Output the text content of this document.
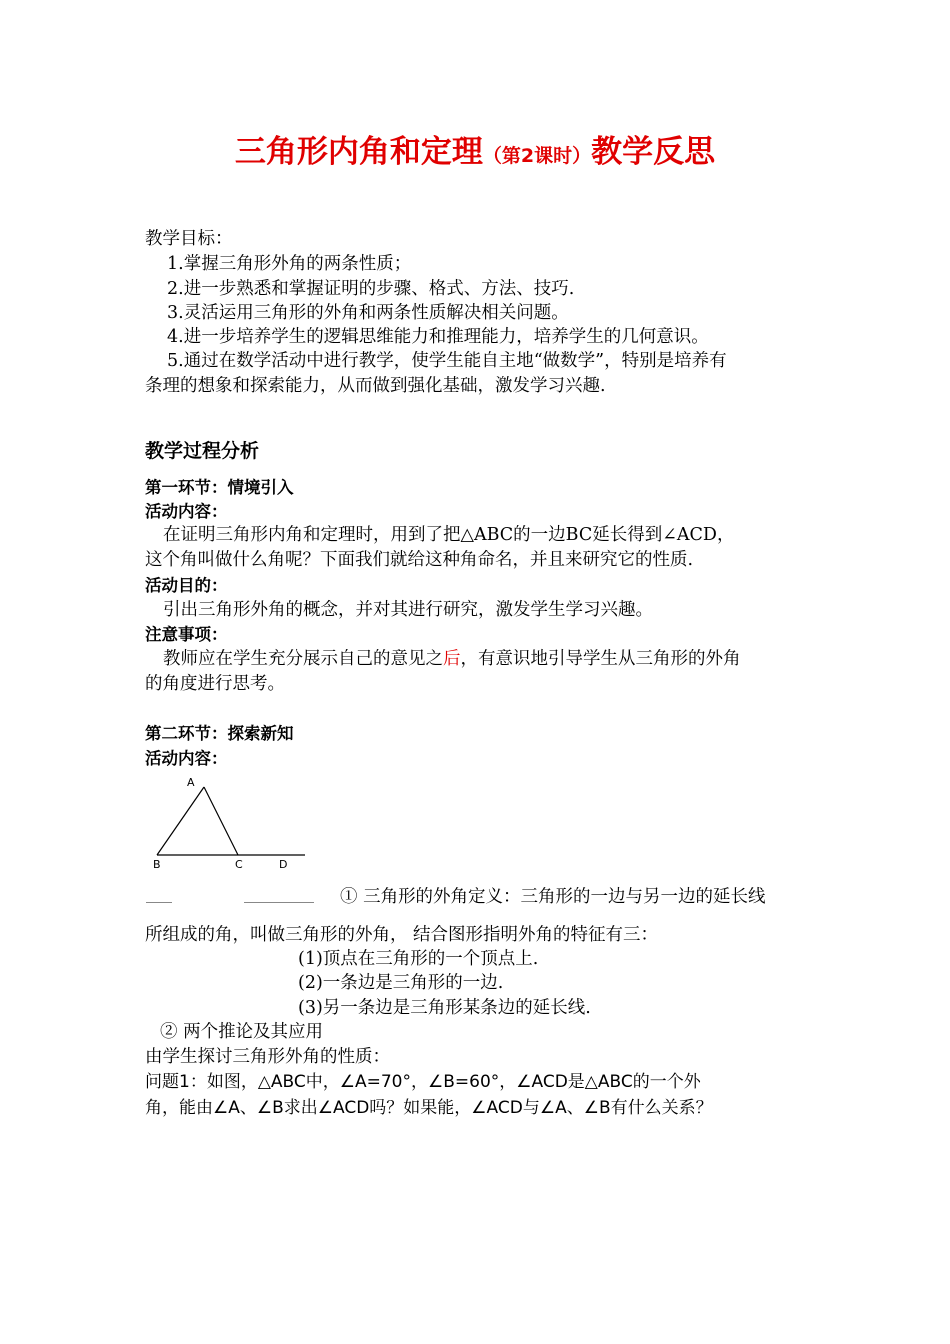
三角形内角和定理（第2课时）教学反思
教学目标：
1.掌握三角形外角的两条性质；
2.进一步熟悉和掌握证明的步骤、格式、方法、技巧.
3.灵活运用三角形的外角和两条性质解决相关问题。
4.进一步培养学生的逻辑思维能力和推理能力，培养学生的几何意识。
5.通过在数学活动中进行教学，使学生能自主地“做数学”，特别是培养有
条理的想象和探索能力，从而做到强化基础，激发学习兴趣.
教学过程分析
第一环节：情境引入
活动内容：
在证明三角形内角和定理时，用到了把△ABC的一边BC延长得到∠ACD，
这个角叫做什么角呢？下面我们就给这种角命名，并且来研究它的性质.
活动目的：
引出三角形外角的概念，并对其进行研究，激发学生学习兴趣。
注意事项：
教师应在学生充分展示自己的意见之后，有意识地引导学生从三角形的外角
的角度进行思考。
第二环节：探索新知
活动内容：
A
B	C	D
① 三角形的外角定义：三角形的一边与另一边的延长线
所组成的角，叫做三角形的外角， 结合图形指明外角的特征有三：
(1)顶点在三角形的一个顶点上.
(2)一条边是三角形的一边.
(3)另一条边是三角形某条边的延长线.
② 两个推论及其应用
由学生探讨三角形外角的性质：
问题1：如图，△ABC中，∠A=70°，∠B=60°，∠ACD是△ABC的一个外
角，能由∠A、∠B求出∠ACD吗？如果能，∠ACD与∠A、∠B有什么关系？
